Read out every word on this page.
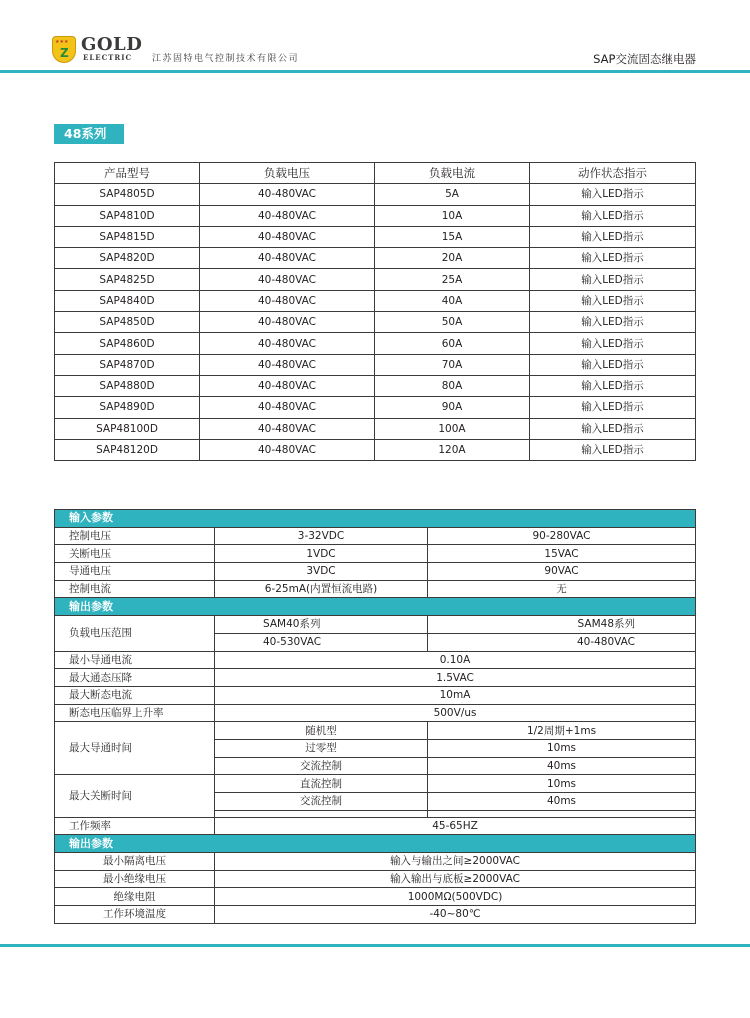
★★★
Z GOLD
ELECTRIC 江苏固特电气控制技术有限公司	SAP交流固态继电器
48系列
产品型号	负载电压	负载电流	动作状态指示
SAP4805D	40-480VAC	5A	输入LED指示
SAP4810D	40-480VAC	10A	输入LED指示
SAP4815D	40-480VAC	15A	输入LED指示
SAP4820D	40-480VAC	20A	输入LED指示
SAP4825D	40-480VAC	25A	输入LED指示
SAP4840D	40-480VAC	40A	输入LED指示
SAP4850D	40-480VAC	50A	输入LED指示
SAP4860D	40-480VAC	60A	输入LED指示
SAP4870D	40-480VAC	70A	输入LED指示
SAP4880D	40-480VAC	80A	输入LED指示
SAP4890D	40-480VAC	90A	输入LED指示
SAP48100D	40-480VAC	100A	输入LED指示
SAP48120D	40-480VAC	120A	输入LED指示
输入参数		
控制电压	3-32VDC	90-280VAC
关断电压	1VDC	15VAC
导通电压	3VDC	90VAC
控制电流	6-25mA(内置恒流电路)	无
输出参数		
负载电压范围	SAM40系列	SAM48系列
	40-530VAC	40-480VAC
最小导通电流	0.10A	
最大通态压降	1.5VAC	
最大断态电流	10mA	
断态电压临界上升率	500V/us	
最大导通时间	随机型	1/2周期+1ms
	过零型	10ms
	交流控制	40ms
最大关断时间	直流控制	10ms
	交流控制	40ms

工作频率	45-65HZ	
输出参数		
最小隔离电压	输入与输出之间≥2000VAC	
最小绝缘电压	输入输出与底板≥2000VAC	
绝缘电阻	1000MΩ(500VDC)	
工作环境温度	-40~80℃	
